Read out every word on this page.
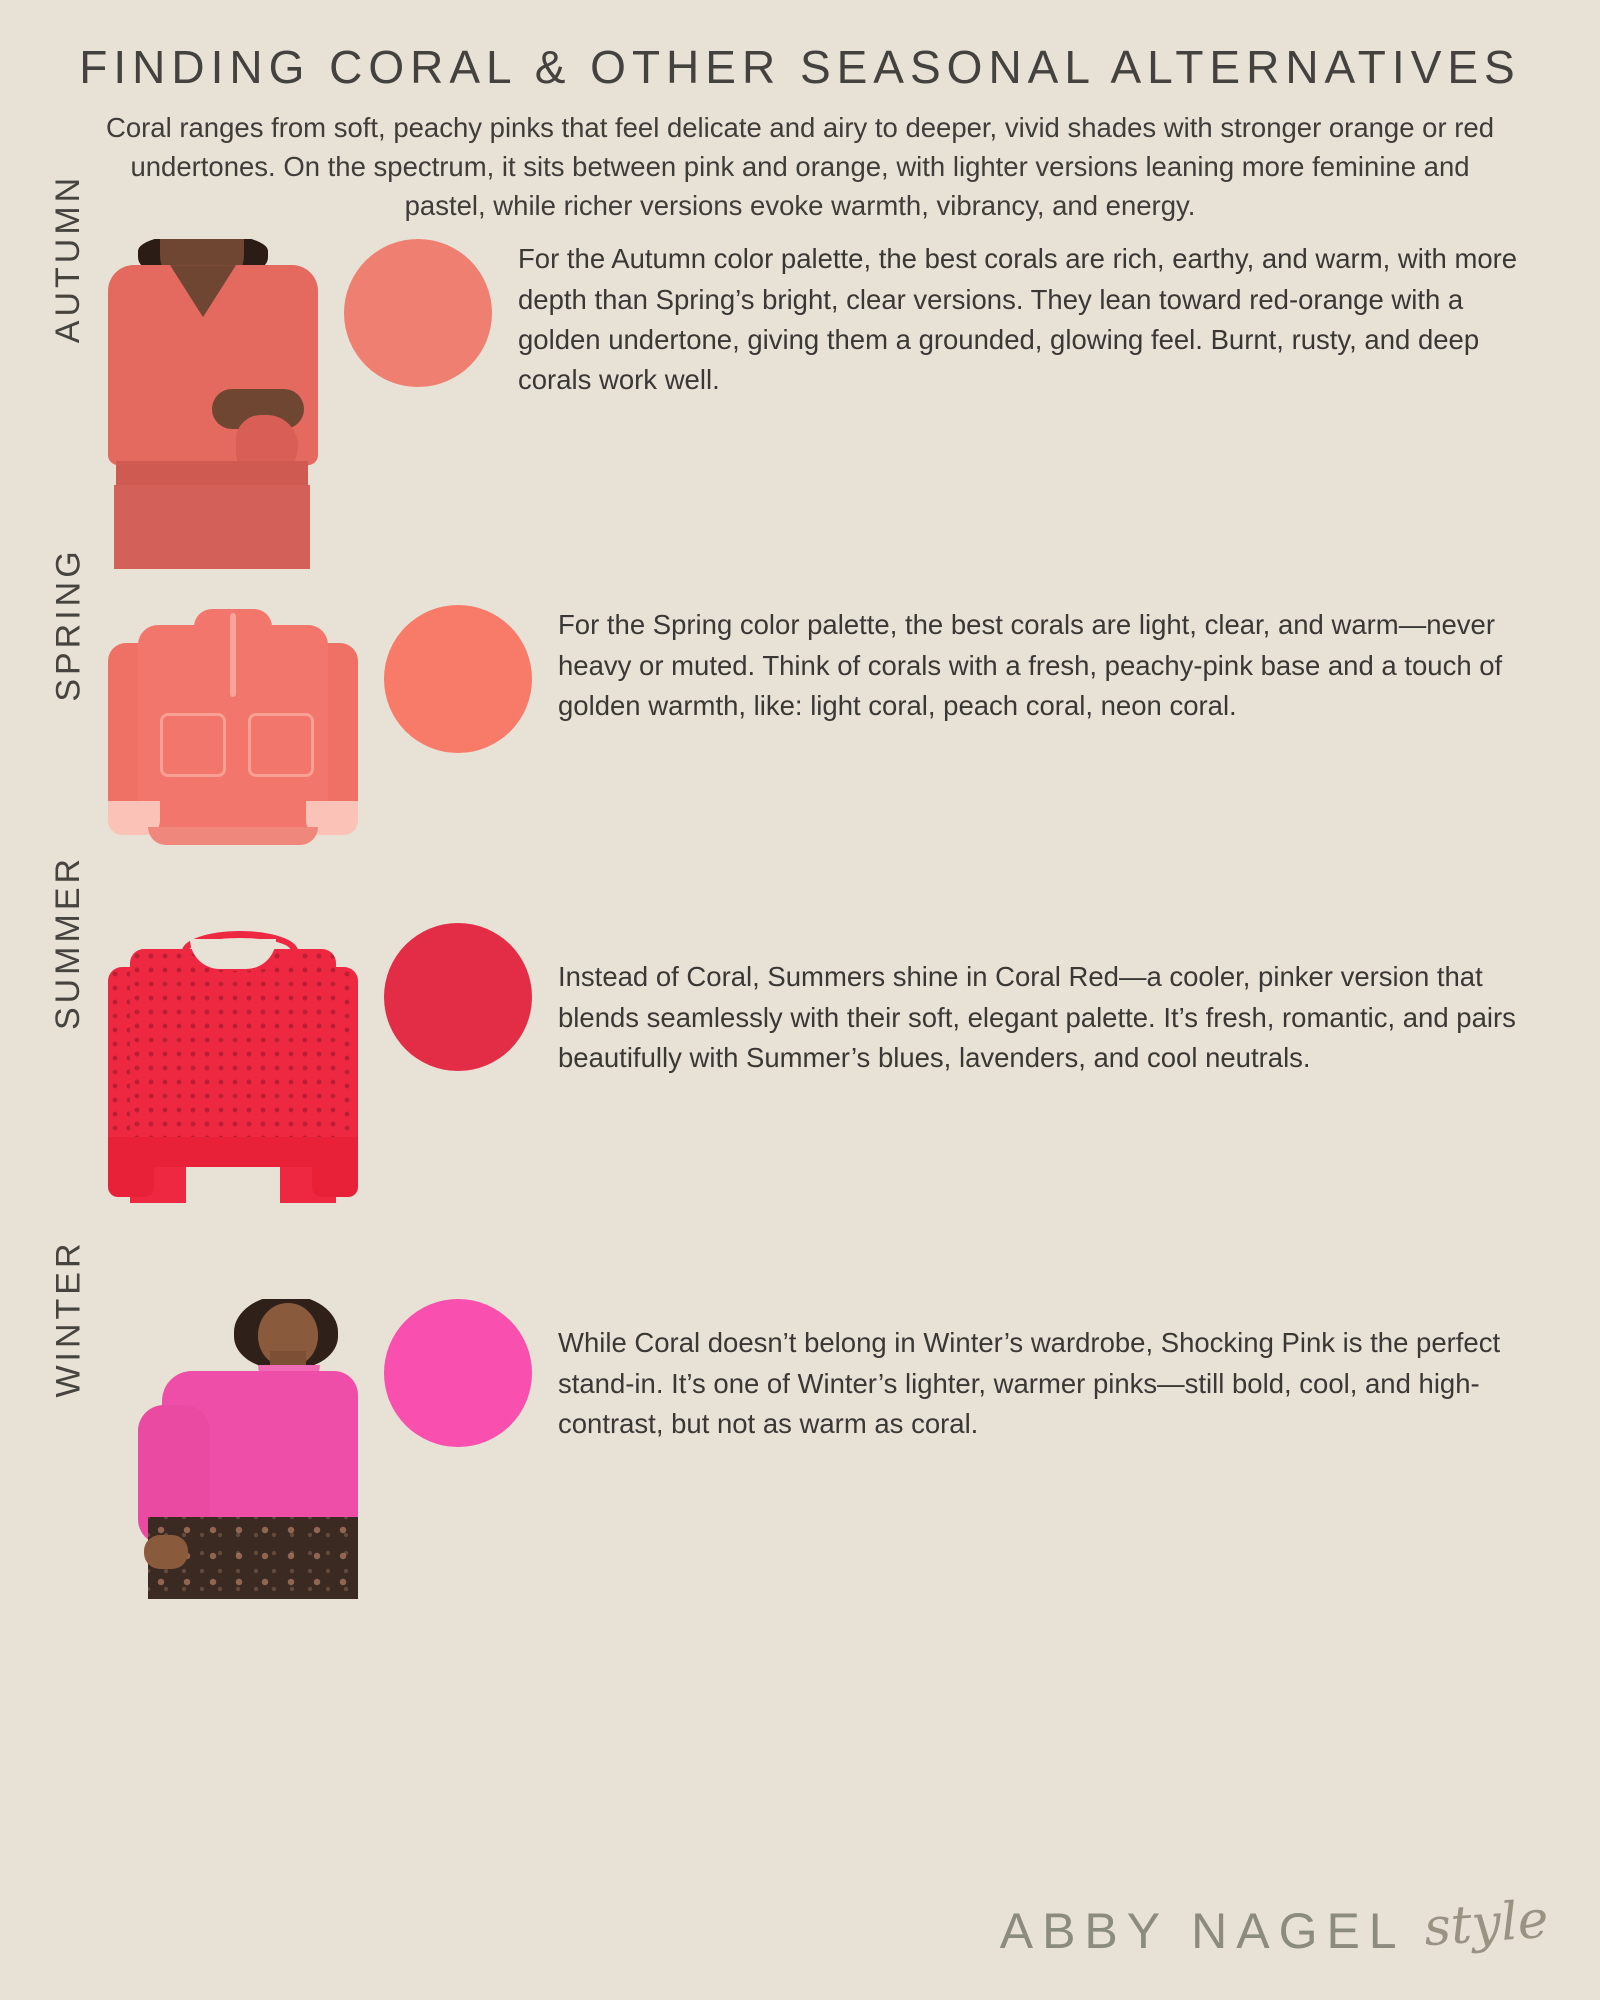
FINDING CORAL & OTHER SEASONAL ALTERNATIVES

Coral ranges from soft, peachy pinks that feel delicate and airy to deeper, vivid shades with stronger orange or red undertones. On the spectrum, it sits between pink and orange, with lighter versions leaning more feminine and pastel, while richer versions evoke warmth, vibrancy, and energy.

AUTUMN	For the Autumn color palette, the best corals are rich, earthy, and warm, with more depth than Spring’s bright, clear versions. They lean toward red-orange with a golden undertone, giving them a grounded, glowing feel. Burnt, rusty, and deep corals work well.
SPRING	For the Spring color palette, the best corals are light, clear, and warm—never heavy or muted. Think of corals with a fresh, peachy-pink base and a touch of golden warmth, like: light coral, peach coral, neon coral.
SUMMER	Instead of Coral, Summers shine in Coral Red—a cooler, pinker version that blends seamlessly with their soft, elegant palette. It’s fresh, romantic, and pairs beautifully with Summer’s blues, lavenders, and cool neutrals.
WINTER	While Coral doesn’t belong in Winter’s wardrobe, Shocking Pink is the perfect stand-in. It’s one of Winter’s lighter, warmer pinks—still bold, cool, and high-contrast, but not as warm as coral.
ABBY NAGEL style
